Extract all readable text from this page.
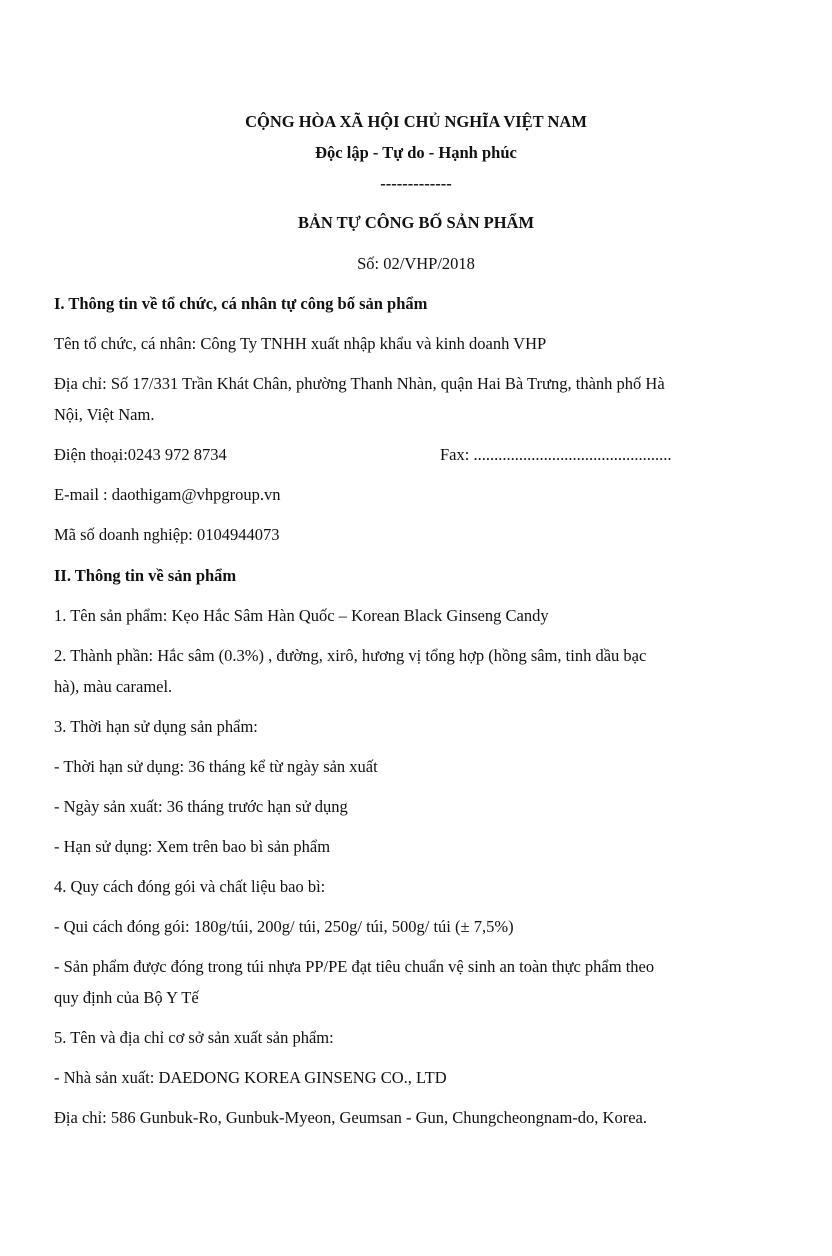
CỘNG HÒA XÃ HỘI CHỦ NGHĨA VIỆT NAM
Độc lập - Tự do - Hạnh phúc
-------------
BẢN TỰ CÔNG BỐ SẢN PHẨM
Số: 02/VHP/2018
I. Thông tin về tổ chức, cá nhân tự công bố sản phẩm
Tên tổ chức, cá nhân: Công Ty TNHH xuất nhập khẩu và kinh doanh VHP
Địa chỉ: Số 17/331 Trần Khát Chân, phường Thanh Nhàn, quận Hai Bà Trưng, thành phố Hà
Nội, Việt Nam.
Điện thoại:0243 972 8734	Fax: ................................................
E-mail : daothigam@vhpgroup.vn
Mã số doanh nghiệp: 0104944073
II. Thông tin về sản phẩm
1. Tên sản phẩm: Kẹo Hắc Sâm Hàn Quốc – Korean Black Ginseng Candy
2. Thành phần: Hắc sâm (0.3%) , đường, xirô, hương vị tổng hợp (hồng sâm, tinh dầu bạc
hà), màu caramel.
3. Thời hạn sử dụng sản phẩm:
- Thời hạn sử dụng: 36 tháng kể từ ngày sản xuất
- Ngày sản xuất: 36 tháng trước hạn sử dụng
- Hạn sử dụng: Xem trên bao bì sản phẩm
4. Quy cách đóng gói và chất liệu bao bì:
- Qui cách đóng gói: 180g/túi, 200g/ túi, 250g/ túi, 500g/ túi (± 7,5%)
- Sản phẩm được đóng trong túi nhựa PP/PE đạt tiêu chuẩn vệ sinh an toàn thực phẩm theo
quy định của Bộ Y Tế
5. Tên và địa chỉ cơ sở sản xuất sản phẩm:
- Nhà sản xuất: DAEDONG KOREA GINSENG CO., LTD
Địa chỉ: 586 Gunbuk-Ro, Gunbuk-Myeon, Geumsan - Gun, Chungcheongnam-do, Korea.
